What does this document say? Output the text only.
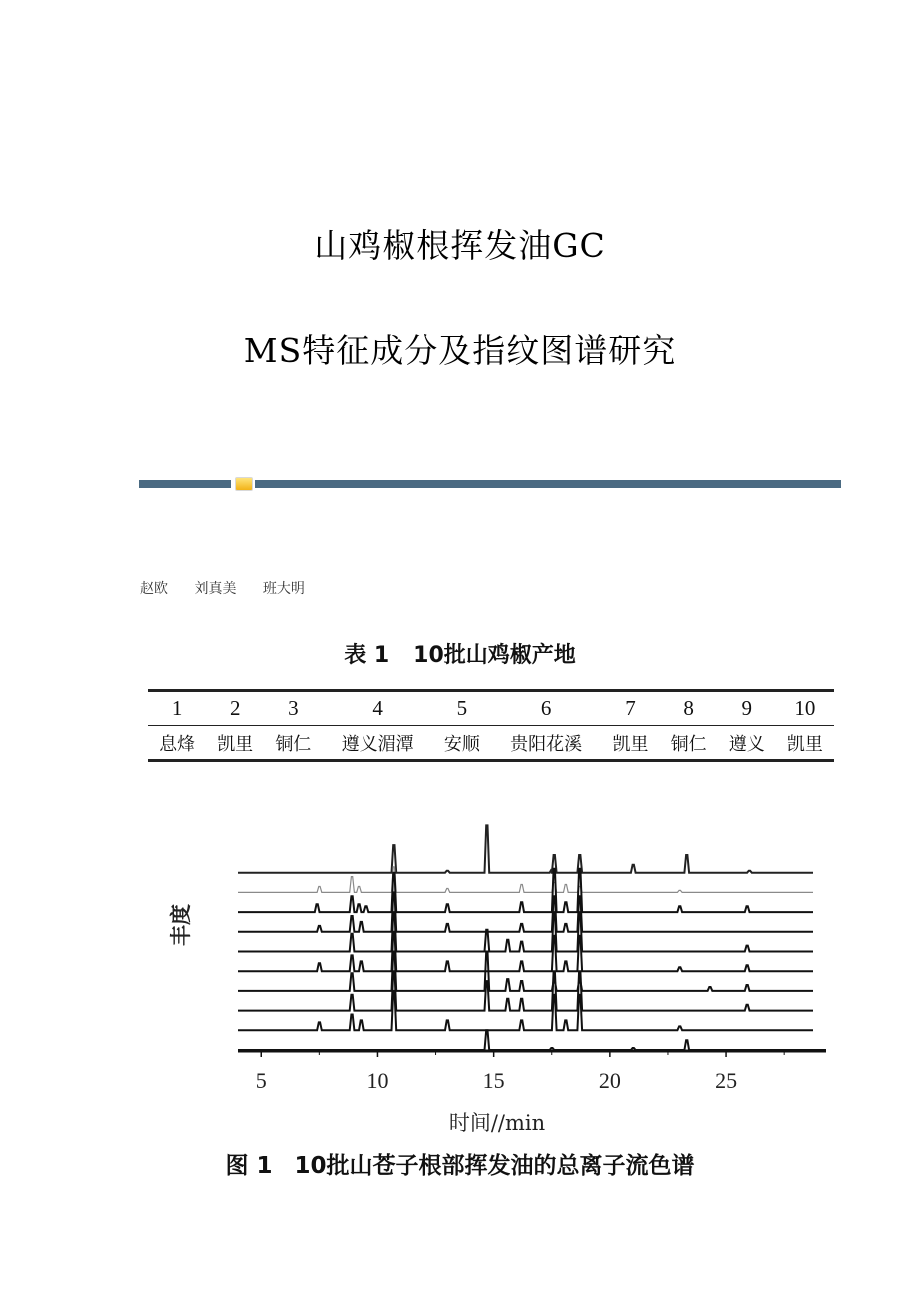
山鸡椒根挥发油GC
MS特征成分及指纹图谱研究
赵欧 刘真美 班大明
表 1 10批山鸡椒产地
1	2	3	4	5	6	7	8	9	10
息烽	凯里	铜仁	遵义湄潭	安顺	贵阳花溪	凯里	铜仁	遵义	凯里
5	10	15	20	25
丰度
时间//min
图 1 10批山苍子根部挥发油的总离子流色谱
